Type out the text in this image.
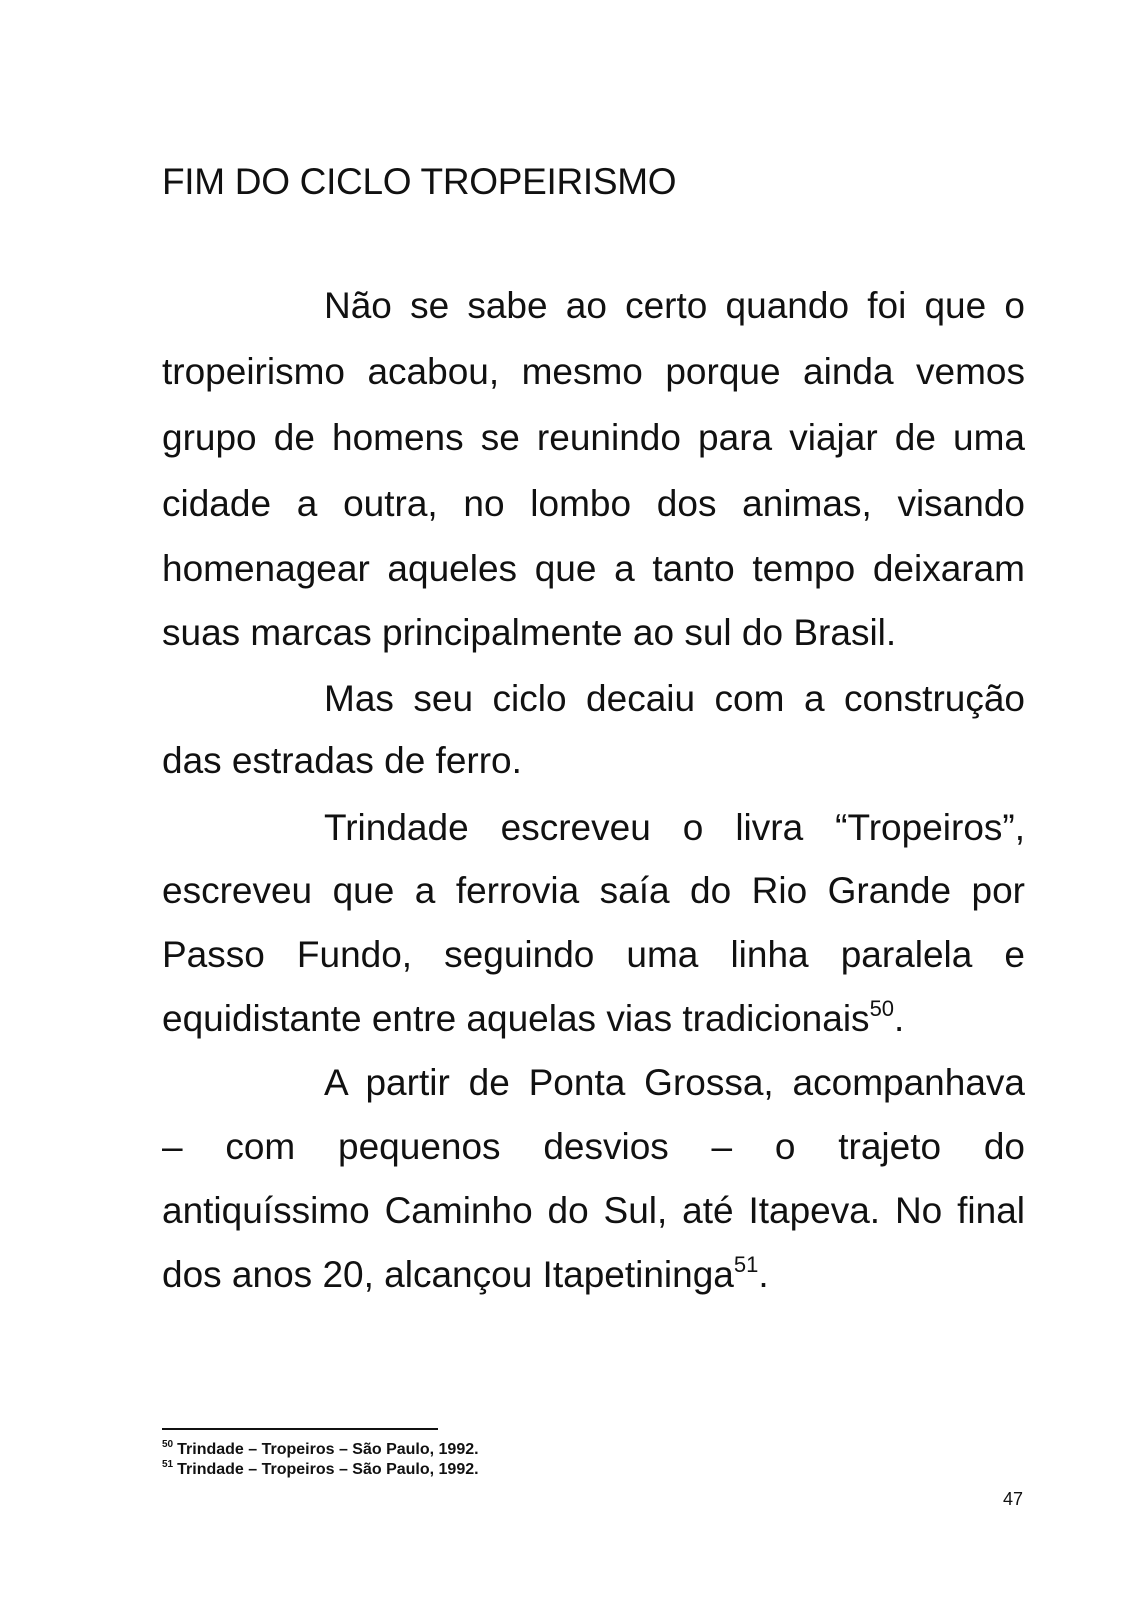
FIM DO CICLO TROPEIRISMO
Não se sabe ao certo quando foi que o
tropeirismo acabou, mesmo porque ainda vemos
grupo de homens se reunindo para viajar de uma
cidade a outra, no lombo dos animas, visando
homenagear aqueles que a tanto tempo deixaram
suas marcas principalmente ao sul do Brasil.
Mas seu ciclo decaiu com a construção
das estradas de ferro.
Trindade escreveu o livra “Tropeiros”,
escreveu que a ferrovia saía do Rio Grande por
Passo Fundo, seguindo uma linha paralela e
equidistante entre aquelas vias tradicionais$^{50}$.
A partir de Ponta Grossa, acompanhava
– com pequenos desvios – o trajeto do
antiquíssimo Caminho do Sul, até Itapeva. No final
dos anos 20, alcançou Itapetininga$^{51}$.
$^{50}$ Trindade – Tropeiros – São Paulo, 1992.
$^{51}$ Trindade – Tropeiros – São Paulo, 1992.
47
